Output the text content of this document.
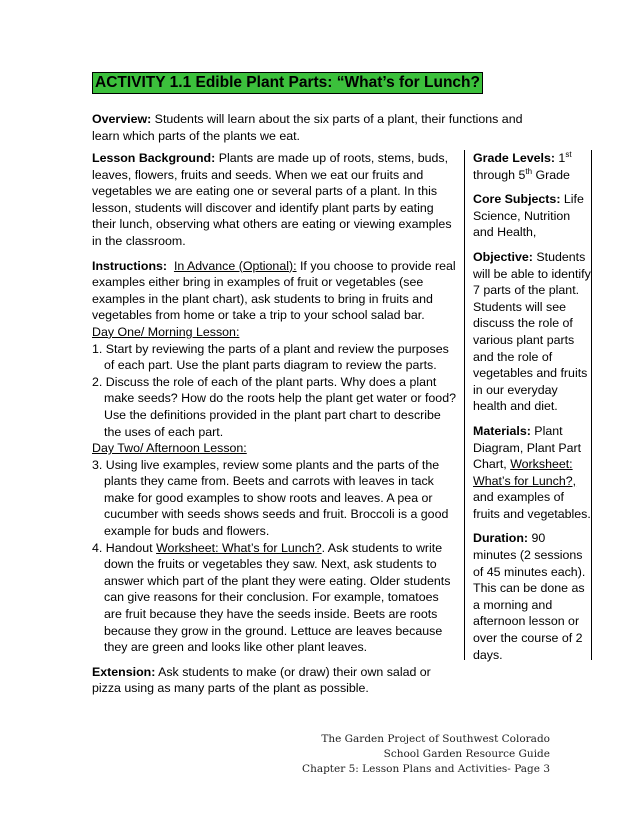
ACTIVITY 1.1 Edible Plant Parts: “What’s for Lunch?
Overview: Students will learn about the six parts of a plant, their functions and learn which parts of the plants we eat.

Lesson Background: Plants are made up of roots, stems, buds, leaves, flowers, fruits and seeds. When we eat our fruits and vegetables we are eating one or several parts of a plant. In this lesson, students will discover and identify plant parts by eating their lunch, observing what others are eating or viewing examples in the classroom.

Instructions: In Advance (Optional): If you choose to provide real examples either bring in examples of fruit or vegetables (see examples in the plant chart), ask students to bring in fruits and vegetables from home or take a trip to your school salad bar.

Day One/ Morning Lesson:
1. Start by reviewing the parts of a plant and review the purposes of each part. Use the plant parts diagram to review the parts.
2. Discuss the role of each of the plant parts. Why does a plant make seeds? How do the roots help the plant get water or food? Use the definitions provided in the plant part chart to describe the uses of each part.
Day Two/ Afternoon Lesson:
3. Using live examples, review some plants and the parts of the plants they came from. Beets and carrots with leaves in tack make for good examples to show roots and leaves. A pea or cucumber with seeds shows seeds and fruit. Broccoli is a good example for buds and flowers.
4. Handout Worksheet: What’s for Lunch?. Ask students to write down the fruits or vegetables they saw. Next, ask students to answer which part of the plant they were eating. Older students can give reasons for their conclusion. For example, tomatoes are fruit because they have the seeds inside. Beets are roots because they grow in the ground. Lettuce are leaves because they are green and looks like other plant leaves.

Extension: Ask students to make (or draw) their own salad or pizza using as many parts of the plant as possible.

Grade Levels: 1st through 5th Grade

Core Subjects: Life Science, Nutrition and Health,

Objective: Students will be able to identify 7 parts of the plant. Students will see discuss the role of various plant parts and the role of vegetables and fruits in our everyday health and diet.

Materials: Plant Diagram, Plant Part Chart, Worksheet: What’s for Lunch?, and examples of fruits and vegetables.

Duration: 90 minutes (2 sessions of 45 minutes each). This can be done as a morning and afternoon lesson or over the course of 2 days.

The Garden Project of Southwest Colorado
School Garden Resource Guide
Chapter 5: Lesson Plans and Activities- Page 3
